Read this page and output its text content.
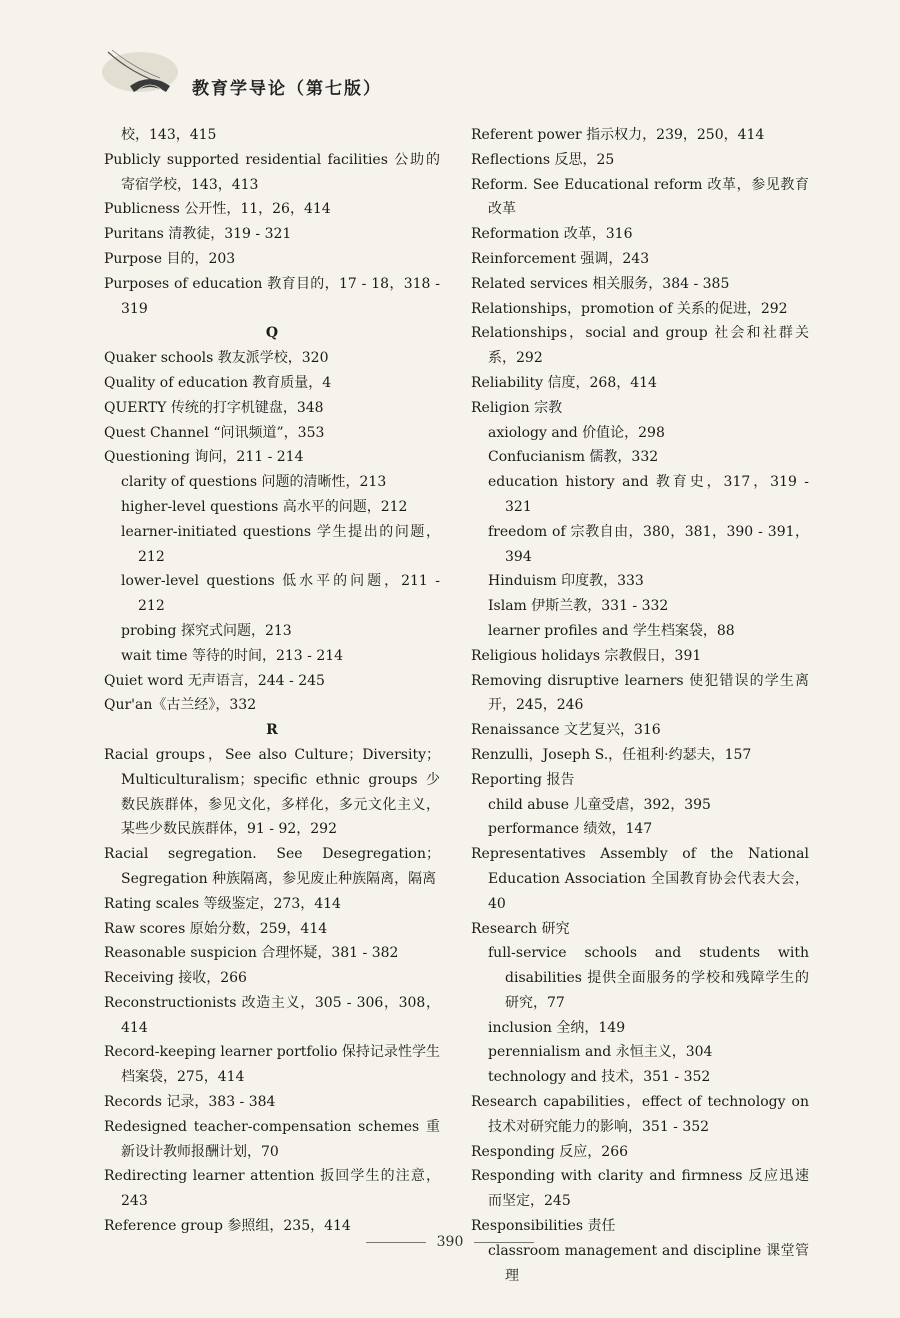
教育学导论（第七版）
校，143，415
Publicly supported residential facilities 公助的寄宿学校，143，413
Publicness 公开性，11，26，414
Puritans 清教徒，319 - 321
Purpose 目的，203
Purposes of education 教育目的，17 - 18，318 - 319
Q
Quaker schools 教友派学校，320
Quality of education 教育质量，4
QUERTY 传统的打字机键盘，348
Quest Channel “问讯频道”，353
Questioning 询问，211 - 214
clarity of questions 问题的清晰性，213
higher-level questions 高水平的问题，212
learner-initiated questions 学生提出的问题，212
lower-level questions 低水平的问题，211 - 212
probing 探究式问题，213
wait time 等待的时间，213 - 214
Quiet word 无声语言，244 - 245
Qur'an《古兰经》，332
R
Racial groups，See also Culture；Diversity；Multiculturalism；specific ethnic groups 少数民族群体，参见文化，多样化，多元文化主义，某些少数民族群体，91 - 92，292
Racial segregation. See Desegregation；Segregation 种族隔离，参见废止种族隔离，隔离
Rating scales 等级鉴定，273，414
Raw scores 原始分数，259，414
Reasonable suspicion 合理怀疑，381 - 382
Receiving 接收，266
Reconstructionists 改造主义，305 - 306，308，414
Record-keeping learner portfolio 保持记录性学生档案袋，275，414
Records 记录，383 - 384
Redesigned teacher-compensation schemes 重新设计教师报酬计划，70
Redirecting learner attention 扳回学生的注意，243
Reference group 参照组，235，414
Referent power 指示权力，239，250，414
Reflections 反思，25
Reform. See Educational reform 改革，参见教育改革
Reformation 改革，316
Reinforcement 强调，243
Related services 相关服务，384 - 385
Relationships，promotion of 关系的促进，292
Relationships，social and group 社会和社群关系，292
Reliability 信度，268，414
Religion 宗教
axiology and 价值论，298
Confucianism 儒教，332
education history and 教育史，317，319 - 321
freedom of 宗教自由，380，381，390 - 391，394
Hinduism 印度教，333
Islam 伊斯兰教，331 - 332
learner profiles and 学生档案袋，88
Religious holidays 宗教假日，391
Removing disruptive learners 使犯错误的学生离开，245，246
Renaissance 文艺复兴，316
Renzulli，Joseph S.，任祖利·约瑟夫，157
Reporting 报告
child abuse 儿童受虐，392，395
performance 绩效，147
Representatives Assembly of the National Education Association 全国教育协会代表大会，40
Research 研究
full-service schools and students with disabilities 提供全面服务的学校和残障学生的研究，77
inclusion 全纳，149
perennialism and 永恒主义，304
technology and 技术，351 - 352
Research capabilities，effect of technology on 技术对研究能力的影响，351 - 352
Responding 反应，266
Responding with clarity and firmness 反应迅速而坚定，245
Responsibilities 责任
classroom management and discipline 课堂管理
390
